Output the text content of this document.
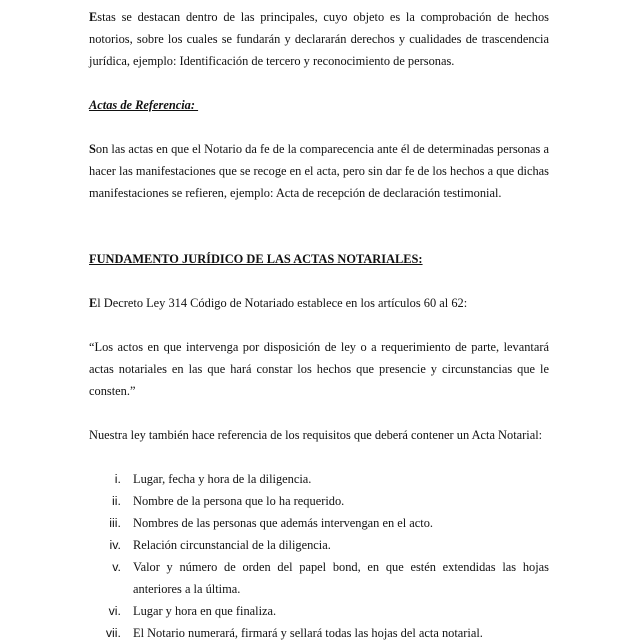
Estas se destacan dentro de las principales, cuyo objeto es la comprobación de hechos notorios, sobre los cuales se fundarán y declararán derechos y cualidades de trascendencia jurídica, ejemplo: Identificación de tercero y reconocimiento de personas.

Actas de Referencia:

Son las actas en que el Notario da fe de la comparecencia ante él de determinadas personas a hacer las manifestaciones que se recoge en el acta, pero sin dar fe de los hechos a que dichas manifestaciones se refieren, ejemplo: Acta de recepción de declaración testimonial.

FUNDAMENTO JURÍDICO DE LAS ACTAS NOTARIALES:

El Decreto Ley 314 Código de Notariado establece en los artículos 60 al 62:

“Los actos en que intervenga por disposición de ley o a requerimiento de parte, levantará actas notariales en las que hará constar los hechos que presencie y circunstancias que le consten.”

Nuestra ley también hace referencia de los requisitos que deberá contener un Acta Notarial:

i. Lugar, fecha y hora de la diligencia.
ii. Nombre de la persona que lo ha requerido.
iii. Nombres de las personas que además intervengan en el acto.
iv. Relación circunstancial de la diligencia.
v. Valor y número de orden del papel bond, en que estén extendidas las hojas anteriores a la última.
vi. Lugar y hora en que finaliza.
vii. El Notario numerará, firmará y sellará todas las hojas del acta notarial.
